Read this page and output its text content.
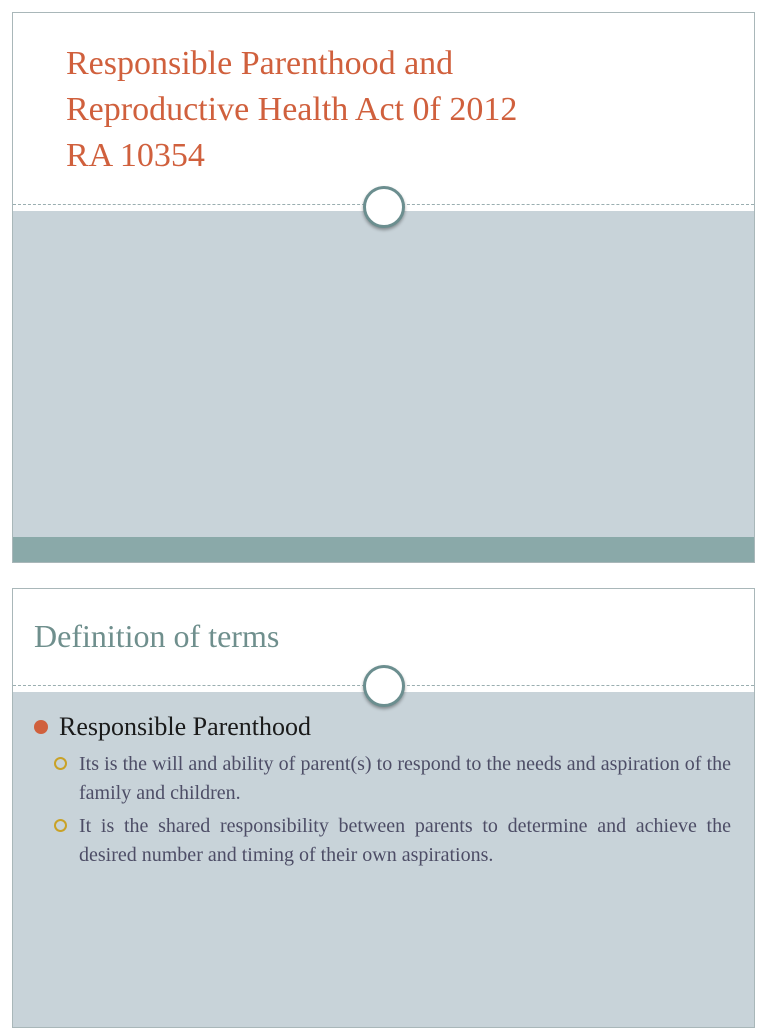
Responsible Parenthood and
Reproductive Health Act 0f 2012
RA 10354
Definition of terms
Responsible Parenthood
Its is the will and ability of parent(s) to respond to the needs and aspiration of the family and children.
It is the shared responsibility between parents to determine and achieve the desired number and timing of their own aspirations.
